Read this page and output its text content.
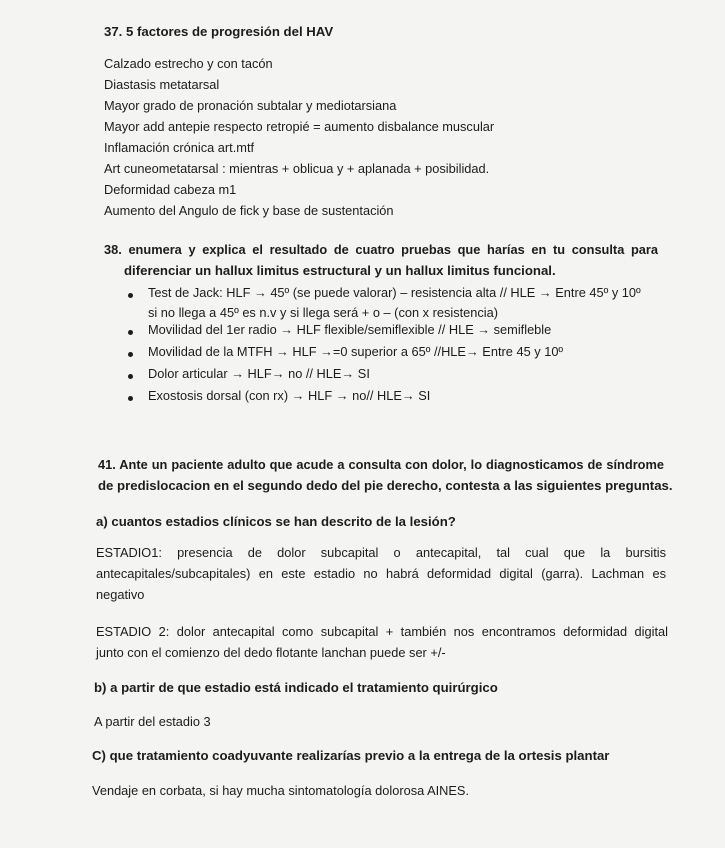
37. 5 factores de progresión del HAV
Calzado estrecho y con tacón
Diastasis metatarsal
Mayor grado de pronación subtalar y mediotarsiana
Mayor add antepie respecto retropié = aumento disbalance muscular
Inflamación crónica art.mtf
Art cuneometatarsal : mientras + oblicua y + aplanada + posibilidad.
Deformidad cabeza m1
Aumento del Angulo de fick y base de sustentación
38. enumera y explica el resultado de cuatro pruebas que harías en tu consulta para
diferenciar un hallux limitus estructural y un hallux limitus funcional.
Test de Jack: HLF → 45º (se puede valorar) – resistencia alta // HLE → Entre 45º y 10º
si no llega a 45º es n.v y si llega será + o – (con x resistencia)
Movilidad del 1er radio → HLF flexible/semiflexible // HLE → semifleble
Movilidad de la MTFH → HLF →=0 superior a 65º //HLE→ Entre 45 y 10º
Dolor articular → HLF→ no // HLE→ SI
Exostosis dorsal (con rx) → HLF → no// HLE→ SI
41. Ante un paciente adulto que acude a consulta con dolor, lo diagnosticamos de síndrome
de predislocacion en el segundo dedo del pie derecho, contesta a las siguientes preguntas.
a) cuantos estadios clínicos se han descrito de la lesión?
ESTADIO1: presencia de dolor subcapital o antecapital, tal cual que la bursitis
antecapitales/subcapitales) en este estadio no habrá deformidad digital (garra). Lachman es
negativo
ESTADIO 2: dolor antecapital como subcapital + también nos encontramos deformidad digital
junto con el comienzo del dedo flotante lanchan puede ser +/-
b) a partir de que estadio está indicado el tratamiento quirúrgico
A partir del estadio 3
C) que tratamiento coadyuvante realizarías previo a la entrega de la ortesis plantar
Vendaje en corbata, si hay mucha sintomatología dolorosa AINES.
